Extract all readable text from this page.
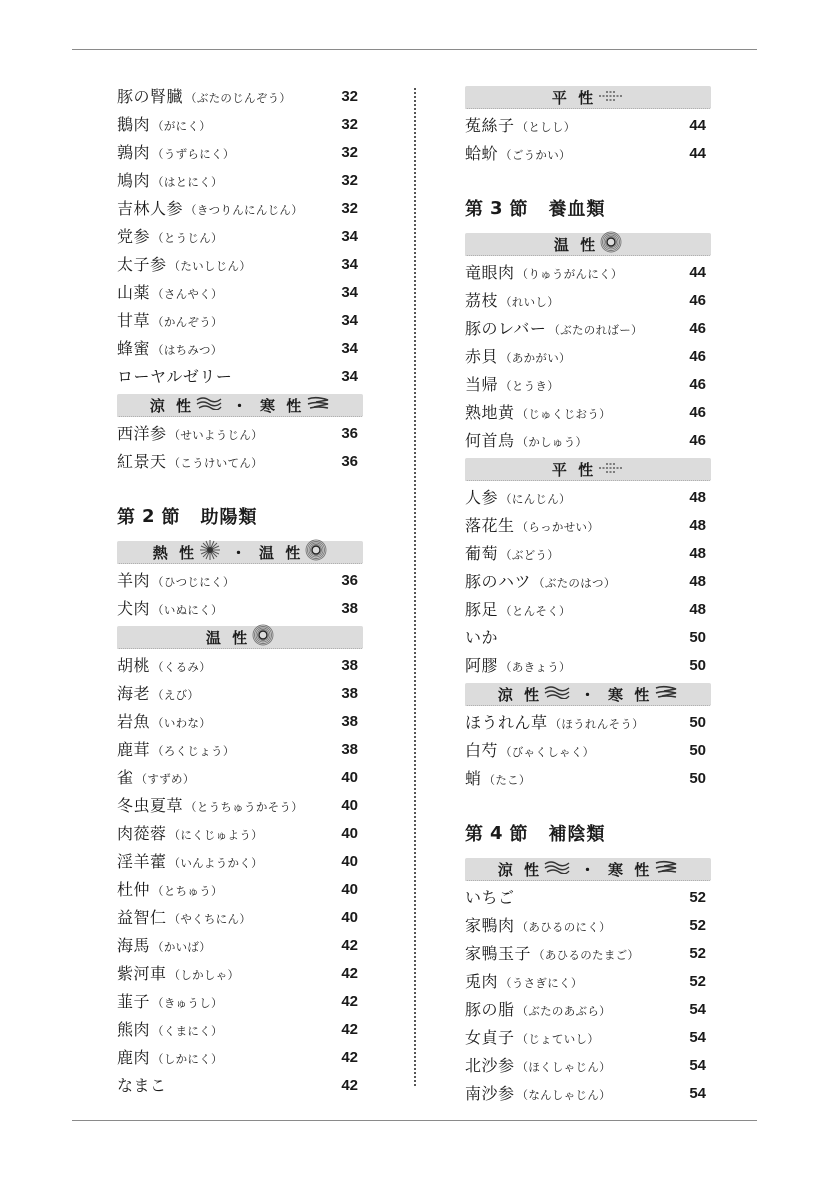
豚の腎臓 （ぶたのじんぞう）	32
鵝肉 （がにく）	32
鶉肉 （うずらにく）	32
鳩肉 （はとにく）	32
吉林人参 （きつりんにんじん）	32
党参 （とうじん）	34
太子参 （たいしじん）	34
山薬 （さんやく）	34
甘草 （かんぞう）	34
蜂蜜 （はちみつ）	34
ローヤルゼリー	34
涼 性	・ 寒 性
西洋参 （せいようじん）	36
紅景天 （こうけいてん）	36
第 2 節 助陽類
熱 性 ・ 温 性
羊肉 （ひつじにく）	36
犬肉 （いぬにく）	38
温 性
胡桃 （くるみ）	38
海老 （えび）	38
岩魚 （いわな）	38
鹿茸 （ろくじょう）	38
雀 （すずめ）	40
冬虫夏草 （とうちゅうかそう）	40
肉蓯蓉 （にくじゅよう）	40
淫羊藿 （いんようかく）	40
杜仲 （とちゅう）	40
益智仁 （やくちにん）	40
海馬 （かいば）	42
紫河車 （しかしゃ）	42
韮子 （きゅうし）	42
熊肉 （くまにく）	42
鹿肉 （しかにく）	42
なまこ	42
平 性
菟絲子 （としし）	44
蛤蚧 （ごうかい）	44
第 3 節 養血類
温 性
竜眼肉 （りゅうがんにく）	44
茘枝 （れいし）	46
豚のレバー （ぶたのればー）	46
赤貝 （あかがい）	46
当帰 （とうき）	46
熟地黄 （じゅくじおう）	46
何首烏 （かしゅう）	46
平 性
人参 （にんじん）	48
落花生 （らっかせい）	48
葡萄 （ぶどう）	48
豚のハツ （ぶたのはつ）	48
豚足 （とんそく）	48
いか	50
阿膠 （あきょう）	50
涼 性	・ 寒 性
ほうれん草 （ほうれんそう）	50
白芍 （びゃくしゃく）	50
蛸 （たこ）	50
第 4 節 補陰類
涼 性	・ 寒 性
いちご	52
家鴨肉 （あひるのにく）	52
家鴨玉子 （あひるのたまご）	52
兎肉 （うさぎにく）	52
豚の脂 （ぶたのあぶら）	54
女貞子 （じょていし）	54
北沙参 （ほくしゃじん）	54
南沙参 （なんしゃじん）	54
